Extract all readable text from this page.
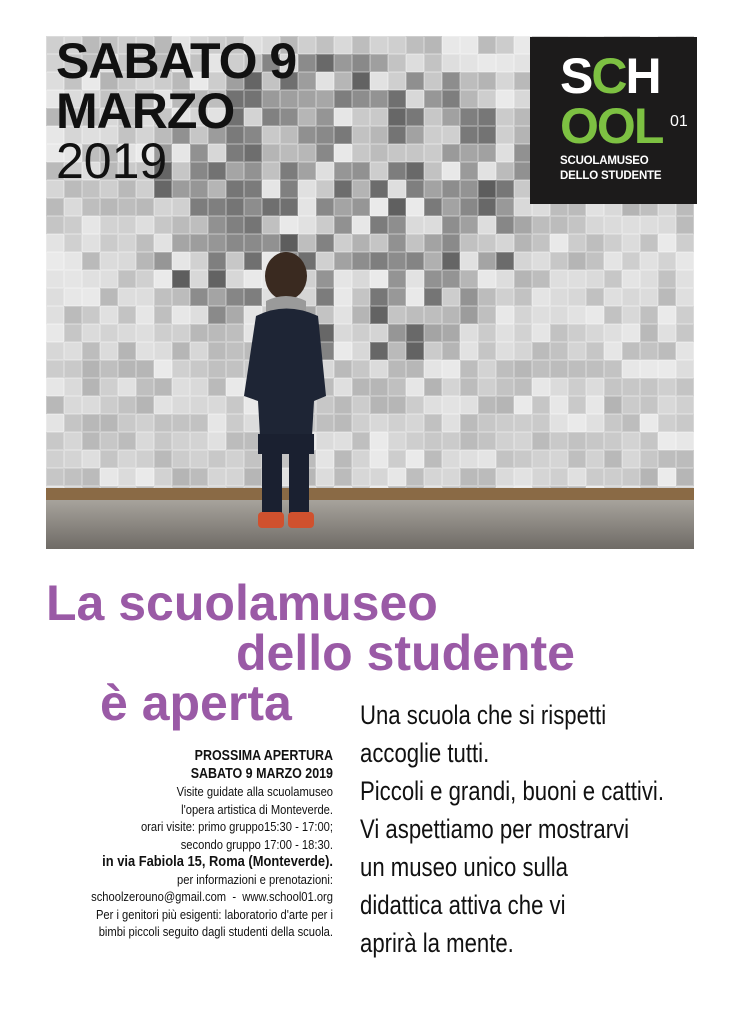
SABATO 9
MARZO
2019
SCH
OOL 01
SCUOLAMUSEO
DELLO STUDENTE
La scuolamuseo
dello studente
è aperta
PROSSIMA APERTURA
SABATO 9 MARZO 2019
Visite guidate alla scuolamuseo
l'opera artistica di Monteverde.
orari visite: primo gruppo15:30 - 17:00;
secondo gruppo 17:00 - 18:30.
in via Fabiola 15, Roma (Monteverde).
per informazioni e prenotazioni:
schoolzerouno@gmail.com  -  www.school01.org
Per i genitori più esigenti: laboratorio d'arte per i
bimbi piccoli seguito dagli studenti della scuola.
Una scuola che si rispetti
accoglie tutti.
Piccoli e grandi, buoni e cattivi.
Vi aspettiamo per mostrarvi
un museo unico sulla
didattica attiva che vi
aprirà la mente.
